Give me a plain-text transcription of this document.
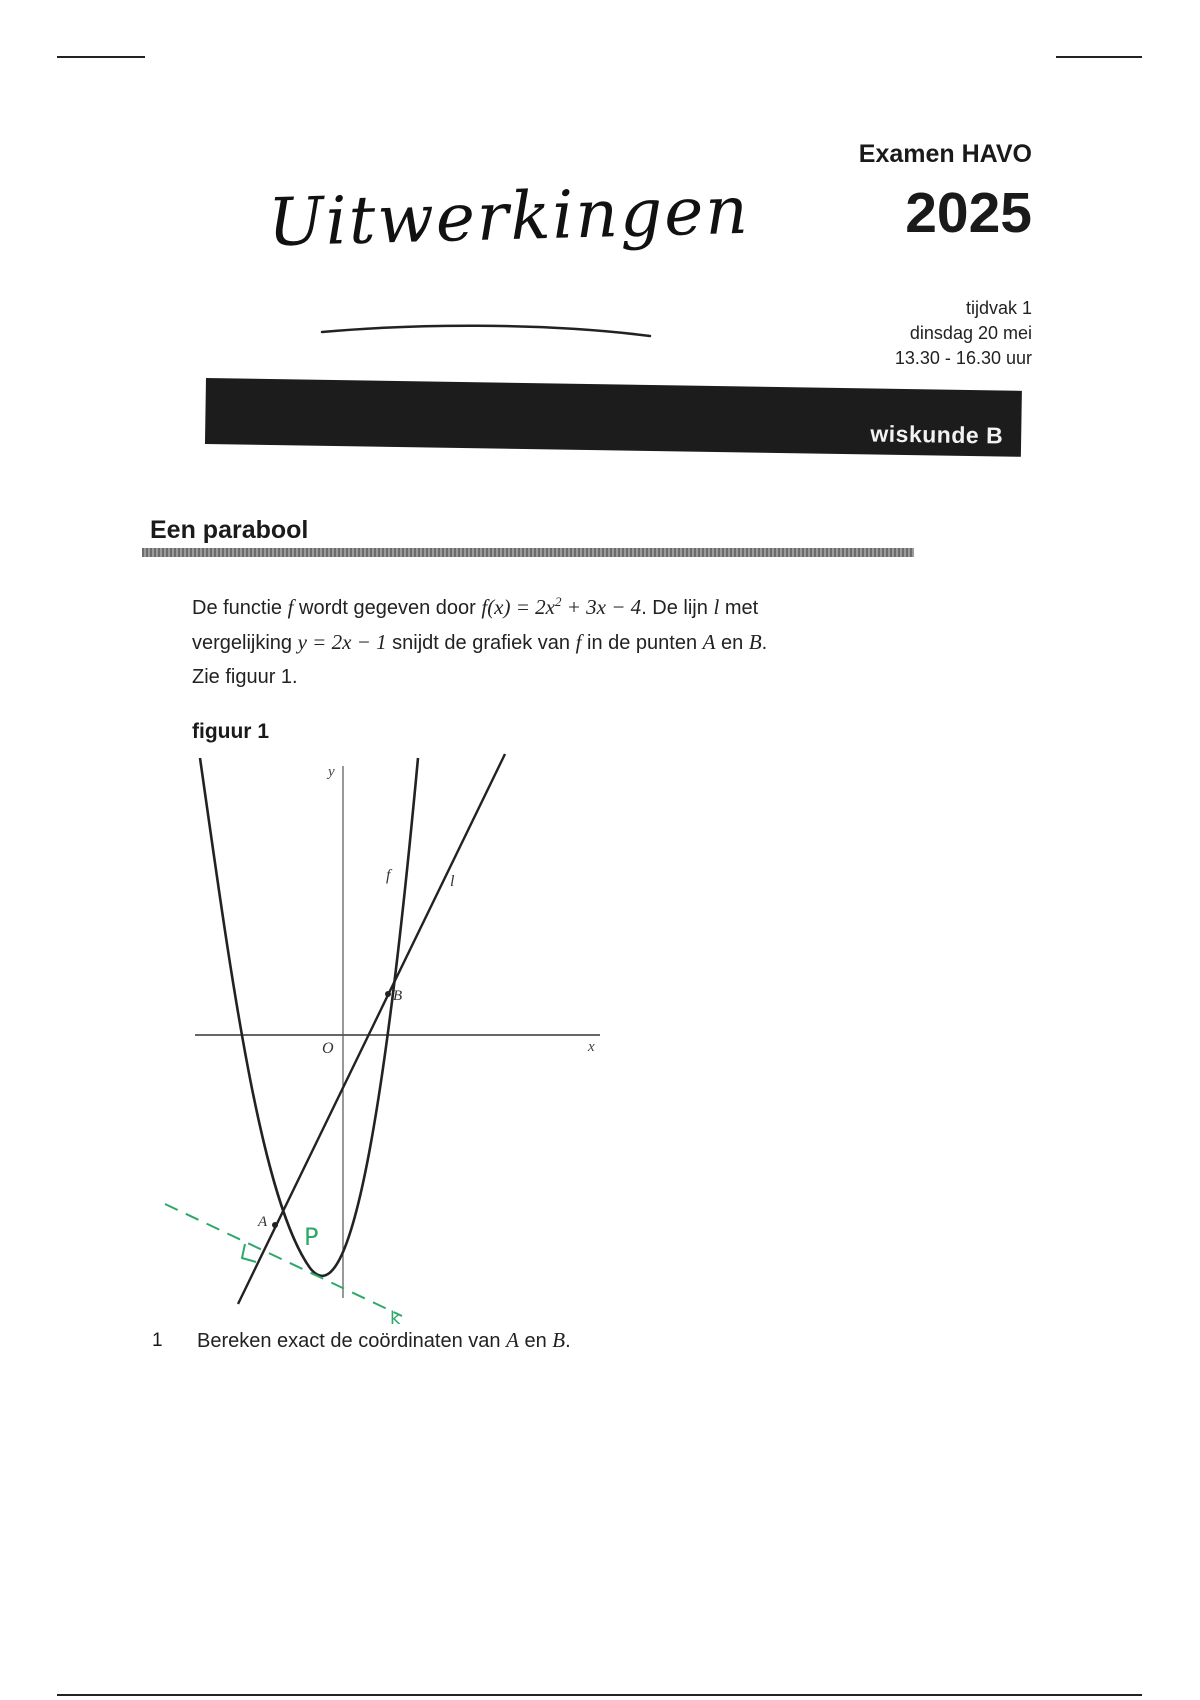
Uitwerkingen
Examen HAVO
2025
tijdvak 1
dinsdag 20 mei
13.30 - 16.30 uur
wiskunde B
Een parabool
De functie f wordt gegeven door $f(x) = 2x^2 + 3x - 4$. De lijn l met
vergelijking y = 2x − 1 snijdt de grafiek van f in de punten A en B.
Zie figuur 1.
figuur 1
y
x
O
f	l
A
B
P
k
1 Bereken exact de coördinaten van A en B.
